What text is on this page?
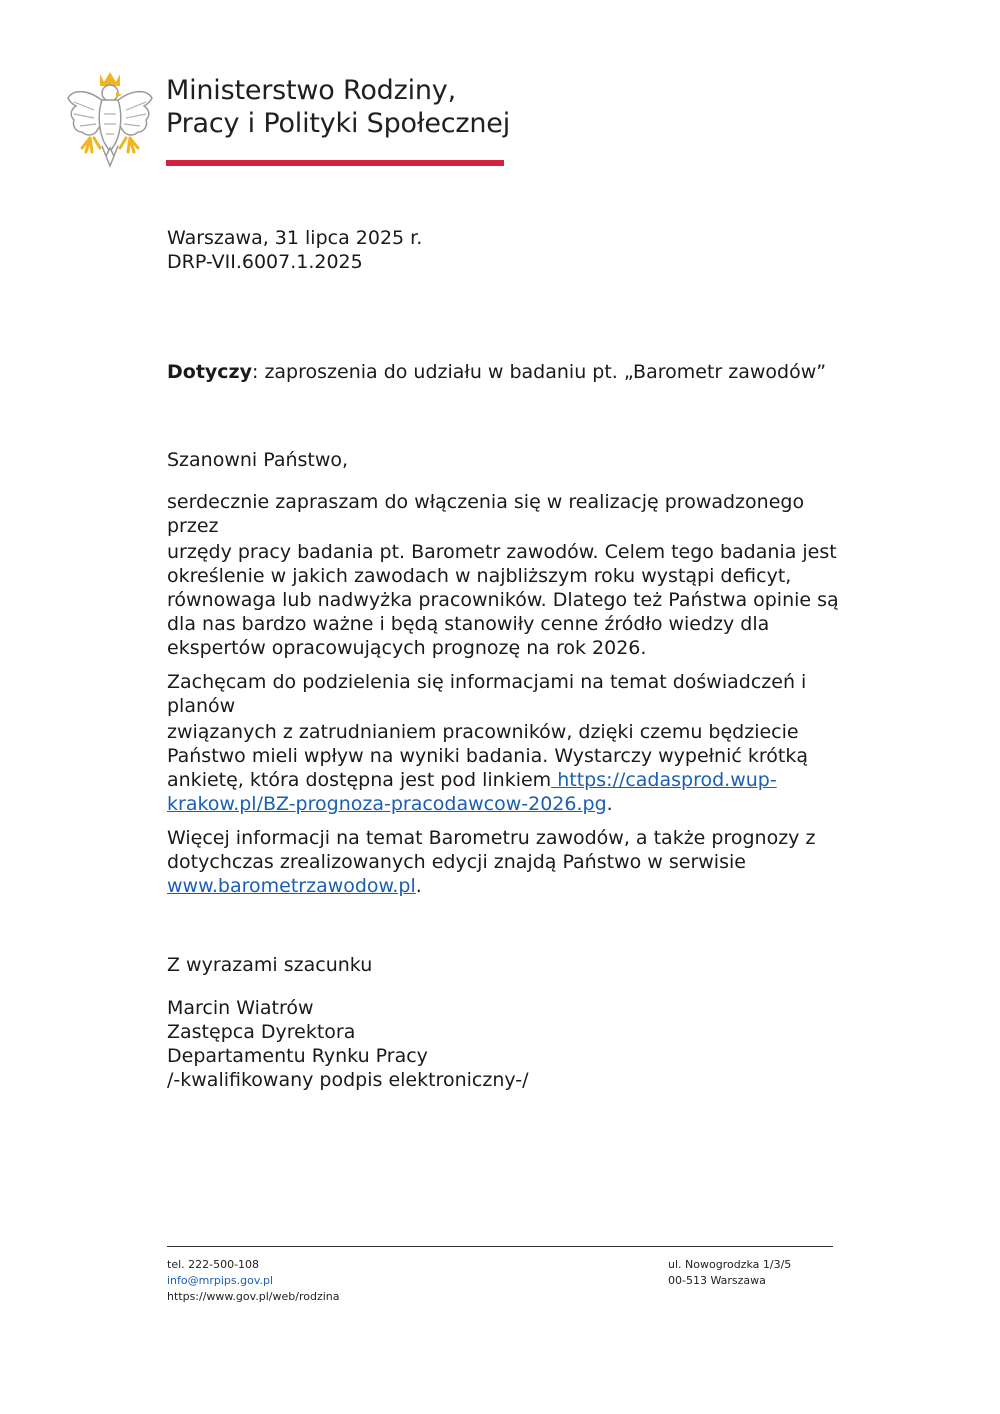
Ministerstwo Rodziny,
Pracy i Polityki Społecznej

Warszawa, 31 lipca 2025 r.

DRP-VII.6007.1.2025

Dotyczy: zaproszenia do udziału w badaniu pt. „Barometr zawodów”

Szanowni Państwo,

serdecznie zapraszam do włączenia się w realizację prowadzonego przez

urzędy pracy badania pt. Barometr zawodów. Celem tego badania jest określenie w jakich zawodach w najbliższym roku wystąpi deficyt, równowaga lub nadwyżka pracowników. Dlatego też Państwa opinie są dla nas bardzo ważne i będą stanowiły cenne źródło wiedzy dla ekspertów opracowujących prognozę na rok 2026.

Zachęcam do podzielenia się informacjami na temat doświadczeń i planów

związanych z zatrudnianiem pracowników, dzięki czemu będziecie Państwo mieli wpływ na wyniki badania. Wystarczy wypełnić krótką ankietę, która dostępna jest pod linkiem https://cadasprod.wup-krakow.pl/BZ-prognoza-pracodawcow-2026.pg.

Więcej informacji na temat Barometru zawodów, a także prognozy z dotychczas zrealizowanych edycji znajdą Państwo w serwisie www.barometrzawodow.pl.

Z wyrazami szacunku

Marcin Wiatrów

Zastępca Dyrektora

Departamentu Rynku Pracy

/-kwalifikowany podpis elektroniczny-/

tel. 222-500-108
info@mrpips.gov.pl
https://www.gov.pl/web/rodzina
ul. Nowogrodzka 1/3/5
00-513 Warszawa
